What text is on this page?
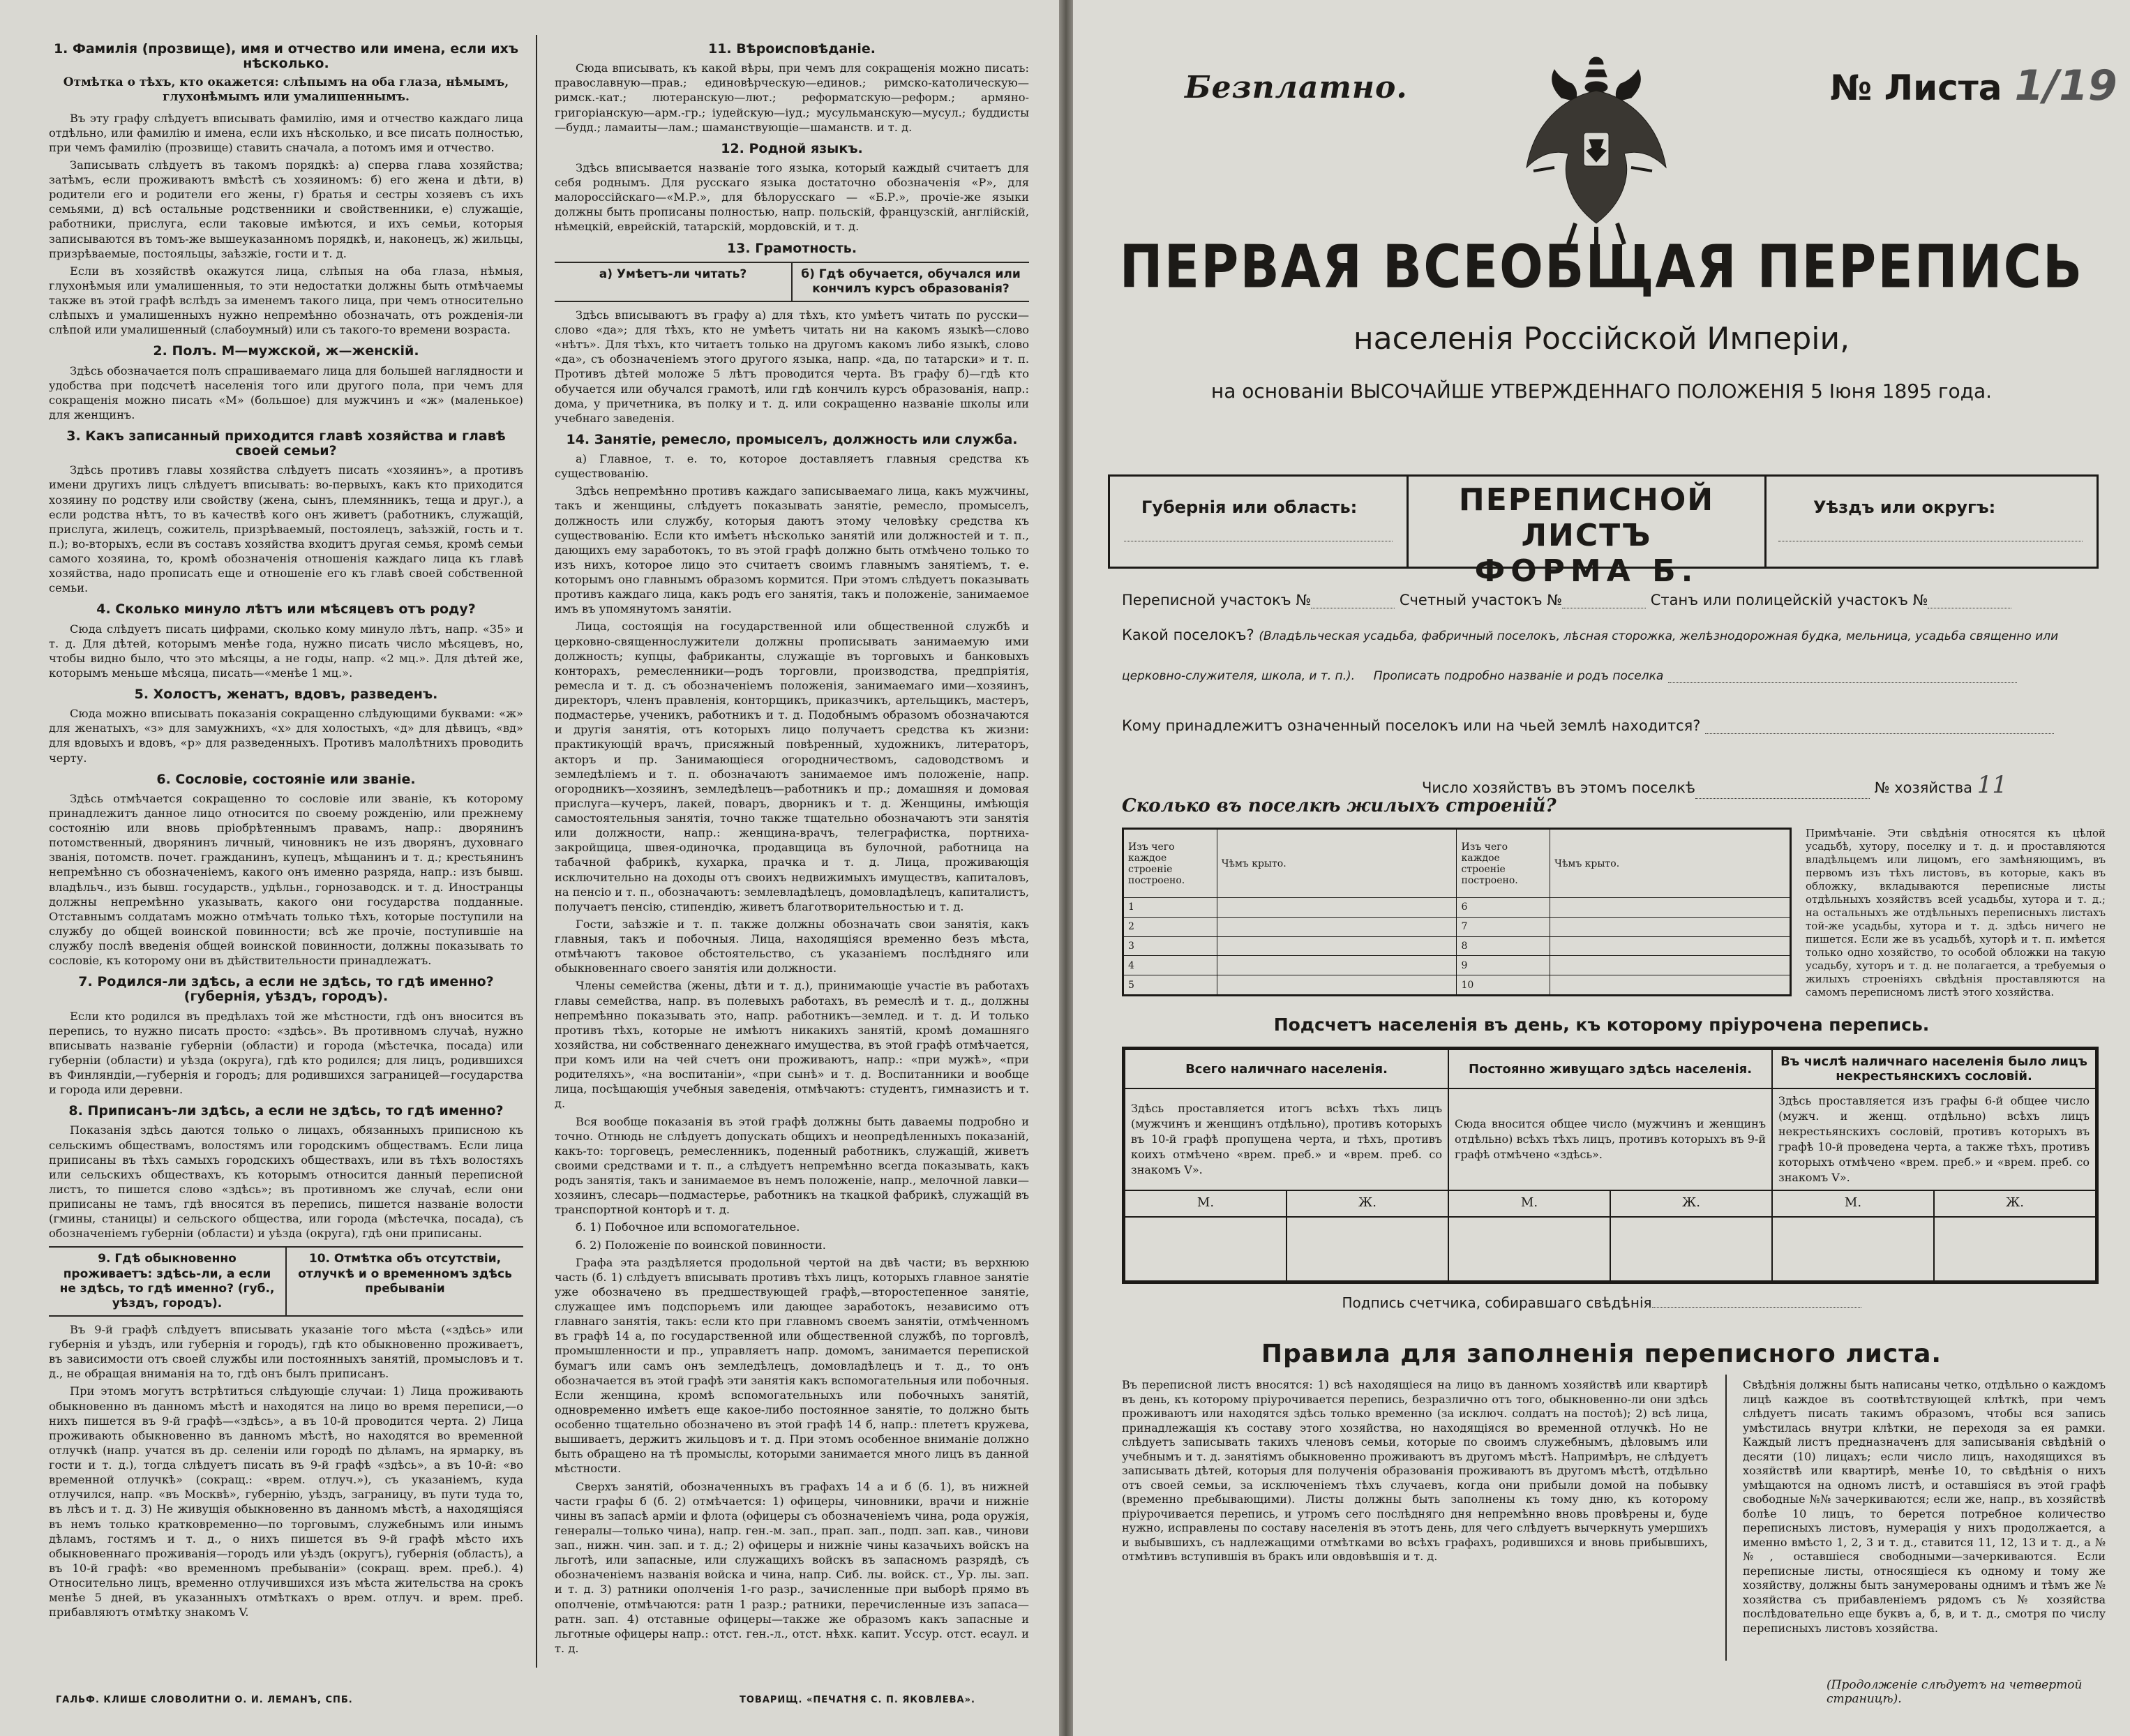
1. Фамилія (прозвище), имя и отчество или имена, если ихъ нѣсколько.
Отмѣтка о тѣхъ, кто окажется: слѣпымъ на оба глаза, нѣмымъ, глухонѣмымъ или умалишеннымъ.
Въ эту графу слѣдуетъ вписывать фамилію, имя и отчество каждаго лица отдѣльно, или фамилію и имена, если ихъ нѣсколько, и все писать полностью, при чемъ фамилію (прозвище) ставить сначала, а потомъ имя и отчество.
Записывать слѣдуетъ въ такомъ порядкѣ: а) сперва глава хозяйства; затѣмъ, если проживаютъ вмѣстѣ съ хозяиномъ: б) его жена и дѣти, в) родители его и родители его жены, г) братья и сестры хозяевъ съ ихъ семьями, д) всѣ остальные родственники и свойственники, е) служащіе, работники, прислуга, если таковые имѣются, и ихъ семьи, которыя записываются въ томъ-же вышеуказанномъ порядкѣ, и, наконецъ, ж) жильцы, призрѣваемые, постояльцы, заѣзжіе, гости и т. д.
Если въ хозяйствѣ окажутся лица, слѣпыя на оба глаза, нѣмыя, глухонѣмыя или умалишенныя, то эти недостатки должны быть отмѣчаемы также въ этой графѣ вслѣдъ за именемъ такого лица, при чемъ относительно слѣпыхъ и умалишенныхъ нужно непремѣнно обозначать, отъ рожденія-ли слѣпой или умалишенный (слабоумный) или съ такого-то времени возраста.
2. Полъ. М—мужской, ж—женскій.
Здѣсь обозначается полъ спрашиваемаго лица для большей наглядности и удобства при подсчетѣ населенія того или другого пола, при чемъ для сокращенія можно писать «М» (большое) для мужчинъ и «ж» (маленькое) для женщинъ.
3. Какъ записанный приходится главѣ хозяйства и главѣ своей семьи?
Здѣсь противъ главы хозяйства слѣдуетъ писать «хозяинъ», а противъ имени другихъ лицъ слѣдуетъ вписывать: во-первыхъ, какъ кто приходится хозяину по родству или свойству (жена, сынъ, племянникъ, теща и друг.), а если родства нѣтъ, то въ качествѣ кого онъ живетъ (работникъ, служащій, прислуга, жилецъ, сожитель, призрѣваемый, постоялецъ, заѣзжій, гость и т. п.); во-вторыхъ, если въ составъ хозяйства входитъ другая семья, кромѣ семьи самого хозяина, то, кромѣ обозначенія отношенія каждаго лица къ главѣ хозяйства, надо прописать еще и отношеніе его къ главѣ своей собственной семьи.
4. Сколько минуло лѣтъ или мѣсяцевъ отъ роду?
Сюда слѣдуетъ писать цифрами, сколько кому минуло лѣтъ, напр. «35» и т. д. Для дѣтей, которымъ менѣе года, нужно писать число мѣсяцевъ, но, чтобы видно было, что это мѣсяцы, а не годы, напр. «2 мц.». Для дѣтей же, которымъ меньше мѣсяца, писать—«менѣе 1 мц.».
5. Холостъ, женатъ, вдовъ, разведенъ.
Сюда можно вписывать показанія сокращенно слѣдующими буквами: «ж» для женатыхъ, «з» для замужнихъ, «х» для холостыхъ, «д» для дѣвицъ, «вд» для вдовыхъ и вдовъ, «р» для разведенныхъ. Противъ малолѣтнихъ проводить черту.
6. Сословіе, состояніе или званіе.
Здѣсь отмѣчается сокращенно то сословіе или званіе, къ которому принадлежитъ данное лицо относится по своему рожденію, или прежнему состоянію или вновь пріобрѣтеннымъ правамъ, напр.: дворянинъ потомственный, дворянинъ личный, чиновникъ не изъ дворянъ, духовнаго званія, потомств. почет. гражданинъ, купецъ, мѣщанинъ и т. д.; крестьянинъ непремѣнно съ обозначеніемъ, какого онъ именно разряда, напр.: изъ бывш. владѣльч., изъ бывш. государств., удѣльн., горнозаводск. и т. д. Иностранцы должны непремѣнно указывать, какого они государства подданные. Отставнымъ солдатамъ можно отмѣчать только тѣхъ, которые поступили на службу до общей воинской повинности; всѣ же прочіе, поступившіе на службу послѣ введенія общей воинской повинности, должны показывать то сословіе, къ которому они въ дѣйствительности принадлежатъ.
7. Родился-ли здѣсь, а если не здѣсь, то гдѣ именно? (губернія, уѣздъ, городъ).
Если кто родился въ предѣлахъ той же мѣстности, гдѣ онъ вносится въ перепись, то нужно писать просто: «здѣсь». Въ противномъ случаѣ, нужно вписывать названіе губерніи (области) и города (мѣстечка, посада) или губерніи (области) и уѣзда (округа), гдѣ кто родился; для лицъ, родившихся въ Финляндіи,—губернія и городъ; для родившихся заграницей—государства и города или деревни.
8. Приписанъ-ли здѣсь, а если не здѣсь, то гдѣ именно?
Показанія здѣсь даются только о лицахъ, обязанныхъ приписною къ сельскимъ обществамъ, волостямъ или городскимъ обществамъ. Если лица приписаны въ тѣхъ самыхъ городскихъ обществахъ, или въ тѣхъ волостяхъ или сельскихъ обществахъ, къ которымъ относится данный переписной листъ, то пишется слово «здѣсь»; въ противномъ же случаѣ, если они приписаны не тамъ, гдѣ вносятся въ перепись, пишется названіе волости (гмины, станицы) и сельского общества, или города (мѣстечка, посада), съ обозначеніемъ губерніи (области) и уѣзда (округа), гдѣ они приписаны.
9. Гдѣ обыкновенно проживаетъ: здѣсь-ли, а если не здѣсь, то гдѣ именно? (губ., уѣздъ, городъ).
10. Отмѣтка объ отсутствіи, отлучкѣ и о временномъ здѣсь пребываніи
Въ 9-й графѣ слѣдуетъ вписывать указаніе того мѣста («здѣсь» или губернія и уѣздъ, или губернія и городъ), гдѣ кто обыкновенно проживаетъ, въ зависимости отъ своей службы или постоянныхъ занятій, промысловъ и т. д., не обращая вниманія на то, гдѣ онъ былъ приписанъ.
При этомъ могутъ встрѣтиться слѣдующіе случаи: 1) Лица проживають обыкновенно въ данномъ мѣстѣ и находятся на лицо во время переписи,—о нихъ пишется въ 9-й графѣ—«здѣсь», а въ 10-й проводится черта. 2) Лица проживають обыкновенно въ данномъ мѣстѣ, но находятся во временной отлучкѣ (напр. учатся въ др. селеніи или городѣ по дѣламъ, на ярмарку, въ гости и т. д.), тогда слѣдуетъ писать въ 9-й графѣ «здѣсь», а въ 10-й: «во временной отлучкѣ» (сокращ.: «врем. отлуч.»), съ указаніемъ, куда отлучился, напр. «въ Москвѣ», губернію, уѣздъ, заграницу, въ пути туда то, въ лѣсъ и т. д. 3) Не живущія обыкновенно въ данномъ мѣстѣ, а находящіяся въ немъ только кратковременно—по торговымъ, служебнымъ или инымъ дѣламъ, гостямъ и т. д., о нихъ пишется въ 9-й графѣ мѣсто ихъ обыкновеннаго проживанія—городъ или уѣздъ (округъ), губернія (область), а въ 10-й графѣ: «во временномъ пребываніи» (сокращ. врем. преб.). 4) Относительно лицъ, временно отлучившихся изъ мѣста жительства на срокъ менѣе 5 дней, въ указанныхъ отмѣткахъ о врем. отлуч. и врем. преб. прибавляютъ отмѣтку знакомъ V.
11. Вѣроисповѣданіе.
Сюда вписывать, къ какой вѣры, при чемъ для сокращенія можно писать: православную—прав.; единовѣрческую—единов.; римско-католическую—римск.-кат.; лютеранскую—лют.; реформатскую—реформ.; армяно-григоріанскую—арм.-гр.; іудейскую—іуд.; мусульманскую—мусул.; буддисты—будд.; ламаиты—лам.; шаманствующіе—шаманств. и т. д.
12. Родной языкъ.
Здѣсь вписывается названіе того языка, который каждый считаетъ для себя роднымъ. Для русскаго языка достаточно обозначенія «Р», для малороссійскаго—«М.Р.», для бѣлорусскаго — «Б.Р.», прочіе-же языки должны быть прописаны полностью, напр. польскій, французскій, англійскій, нѣмецкій, еврейскій, татарскій, мордовскій, и т. д.
13. Грамотность.
а) Умѣетъ-ли читать?	б) Гдѣ обучается, обучался или кончилъ курсъ образованія?
Здѣсь вписываютъ въ графу а) для тѣхъ, кто умѣетъ читать по русски—слово «да»; для тѣхъ, кто не умѣетъ читать ни на какомъ языкѣ—слово «нѣтъ». Для тѣхъ, кто читаетъ только на другомъ какомъ либо языкѣ, слово «да», съ обозначеніемъ этого другого языка, напр. «да, по татарски» и т. п. Противъ дѣтей моложе 5 лѣтъ проводится черта. Въ графу б)—гдѣ кто обучается или обучался грамотѣ, или гдѣ кончилъ курсъ образованія, напр.: дома, у причетника, въ полку и т. д. или сокращенно названіе школы или учебнаго заведенія.
14. Занятіе, ремесло, промыселъ, должность или служба.
а) Главное, т. е. то, которое доставляетъ главныя средства къ существованію.
Здѣсь непремѣнно противъ каждаго записываемаго лица, какъ мужчины, такъ и женщины, слѣдуетъ показывать занятіе, ремесло, промыселъ, должность или службу, которыя даютъ этому человѣку средства къ существованію. Если кто имѣетъ нѣсколько занятій или должностей и т. п., дающихъ ему заработокъ, то въ этой графѣ должно быть отмѣчено только то изъ нихъ, которое лицо это считаетъ своимъ главнымъ занятіемъ, т. е. которымъ оно главнымъ образомъ кормится. При этомъ слѣдуетъ показывать противъ каждаго лица, какъ родъ его занятія, такъ и положеніе, занимаемое имъ въ упомянутомъ занятіи.
Лица, состоящія на государственной или общественной службѣ и церковно-священнослужители должны прописывать занимаемую ими должность; купцы, фабриканты, служащіе въ торговыхъ и банковыхъ конторахъ, ремесленники—родъ торговли, производства, предпріятія, ремесла и т. д. съ обозначеніемъ положенія, занимаемаго ими—хозяинъ, директоръ, членъ правленія, конторщикъ, приказчикъ, артельщикъ, мастеръ, подмастерье, ученикъ, работникъ и т. д. Подобнымъ образомъ обозначаются и другія занятія, отъ которыхъ лицо получаетъ средства къ жизни: практикующій врачъ, присяжный повѣренный, художникъ, литераторъ, акторъ и пр. Занимающіеся огородничествомъ, садоводствомъ и земледѣліемъ и т. п. обозначаютъ занимаемое имъ положеніе, напр. огородникъ—хозяинъ, земледѣлецъ—работникъ и пр.; домашняя и домовая прислуга—кучеръ, лакей, поваръ, дворникъ и т. д. Женщины, имѣющія самостоятельныя занятія, точно также тщательно обозначаютъ эти занятія или должности, напр.: женщина-врачъ, телеграфистка, портниха-закройщица, швея-одиночка, продавщица въ булочной, работница на табачной фабрикѣ, кухарка, прачка и т. д. Лица, проживающія исключительно на доходы отъ своихъ недвижимыхъ имуществъ, капиталовъ, на пенсіо и т. п., обозначаютъ: землевладѣлецъ, домовладѣлецъ, капиталистъ, получаетъ пенсію, стипендію, живетъ благотворительностью и т. д.
Гости, заѣзжіе и т. п. также должны обозначать свои занятія, какъ главныя, такъ и побочныя. Лица, находящіяся временно безъ мѣста, отмѣчаютъ таковое обстоятельство, съ указаніемъ послѣдняго или обыкновеннаго своего занятія или должности.
Члены семейства (жены, дѣти и т. д.), принимающіе участіе въ работахъ главы семейства, напр. въ полевыхъ работахъ, въ ремеслѣ и т. д., должны непремѣнно показывать это, напр. работникъ—землед. и т. д. И только противъ тѣхъ, которые не имѣютъ никакихъ занятій, кромѣ домашняго хозяйства, ни собственнаго денежнаго имущества, въ этой графѣ отмѣчается, при комъ или на чей счетъ они проживаютъ, напр.: «при мужѣ», «при родителяхъ», «на воспитаніи», «при сынѣ» и т. д. Воспитанники и вообще лица, посѣщающія учебныя заведенія, отмѣчаютъ: студентъ, гимназистъ и т. д.
Вся вообще показанія въ этой графѣ должны быть даваемы подробно и точно. Отнюдь не слѣдуетъ допускать общихъ и неопредѣленныхъ показаній, какъ-то: торговецъ, ремесленникъ, поденный работникъ, служащій, живетъ своими средствами и т. п., а слѣдуетъ непремѣнно всегда показывать, какъ родъ занятія, такъ и занимаемое въ немъ положеніе, напр., мелочной лавки—хозяинъ, слесарь—подмастерье, работникъ на ткацкой фабрикѣ, служащій въ транспортной конторѣ и т. д.
б. 1) Побочное или вспомогательное.
б. 2) Положеніе по воинской повинности.
Графа эта раздѣляется продольной чертой на двѣ части; въ верхнюю часть (б. 1) слѣдуетъ вписывать противъ тѣхъ лицъ, которыхъ главное занятіе уже обозначено въ предшествующей графѣ,—второстепенное занятіе, служащее имъ подспорьемъ или дающее заработокъ, независимо отъ главнаго занятія, такъ: если кто при главномъ своемъ занятіи, отмѣченномъ въ графѣ 14 а, по государственной или общественной службѣ, по торговлѣ, промышленности и пр., управляетъ напр. домомъ, занимается перепиской бумагъ или самъ онъ земледѣлецъ, домовладѣлецъ и т. д., то онъ обозначается въ этой графѣ эти занятія какъ вспомогательныя или побочныя. Если женщина, кромѣ вспомогательныхъ или побочныхъ занятій, одновременно имѣетъ еще какое-либо постоянное занятіе, то должно быть особенно тщательно обозначено въ этой графѣ 14 б, напр.: плететъ кружева, вышиваетъ, держитъ жильцовъ и т. д. При этомъ особенное вниманіе должно быть обращено на тѣ промыслы, которыми занимается много лицъ въ данной мѣстности.
Сверхъ занятій, обозначенныхъ въ графахъ 14 а и б (б. 1), въ нижней части графы б (б. 2) отмѣчается: 1) офицеры, чиновники, врачи и нижніе чины въ запасѣ арміи и флота (офицеры съ обозначеніемъ чина, рода оружія, генералы—только чина), напр. ген.-м. зап., прап. зап., подп. зап. кав., чинови зап., нижн. чин. зап. и т. д.; 2) офицеры и нижніе чины казачьихъ войскъ на льготѣ, или запасные, или служащихъ войскъ въ запасномъ разрядѣ, съ обозначеніемъ названія войска и чина, напр. Сиб. лы. войск. ст., Ур. лы. зап. и т. д. 3) ратники ополченія 1-го разр., зачисленные при выборѣ прямо въ ополченіе, отмѣчаются: ратн 1 разр.; ратники, перечисленные изъ запаса—ратн. зап. 4) отставные офицеры—также же образомъ какъ запасные и льготные офицеры напр.: отст. ген.-л., отст. нѣхк. капит. Уссур. отст. есаул. и т. д.
ГАЛЬФ. КЛИШЕ СЛОВОЛИТНИ О. И. ЛЕМАНЪ, СПБ.	ТОВАРИЩ. «ПЕЧАТНЯ С. П. ЯКОВЛЕВА».
Безплатно.	№ Листа 1/19
ПЕРВАЯ ВСЕОБЩАЯ ПЕРЕПИСЬ
населенія Россійской Имперіи,
на основаніи ВЫСОЧАЙШЕ УТВЕРЖДЕННАГО ПОЛОЖЕНІЯ 5 Іюня 1895 года.
Губернія или область:	ПЕРЕПИСНОЙ ЛИСТЪ
ФОРМА Б.
Уѣздъ или округъ:
Переписной участокъ №	Счетный участокъ №	Станъ или полицейскій участокъ №
Какой поселокъ? (Владѣльческая усадьба, фабричный поселокъ, лѣсная сторожка, желѣзнодорожная будка, мельница, усадьба священно или
церковно-служителя, школа, и т. п.). Прописать подробно названіе и родъ поселка
Кому принадлежитъ означенный поселокъ или на чьей землѣ находится?
Число хозяйствъ въ этомъ поселкѣ	№ хозяйства 11
Сколько въ поселкѣ жилыхъ строеній?
Изъ чего каждое строеніе построено.	Чѣмъ крыто.	Изъ чего каждое строеніе построено.	Чѣмъ крыто.
1		6	
2		7	
3		8	
4		9	
5		10	
Примѣчаніе. Эти свѣдѣнія относятся къ цѣлой усадьбѣ, хутору, поселку и т. д. и проставляются владѣльцемъ или лицомъ, его замѣняющимъ, въ первомъ изъ тѣхъ листовъ, въ которые, какъ въ обложку, вкладываются переписные листы отдѣльныхъ хозяйствъ всей усадьбы, хутора и т. д.; на остальныхъ же отдѣльныхъ переписныхъ листахъ той-же усадьбы, хутора и т. д. здѣсь ничего не пишется. Если же въ усадьбѣ, хуторѣ и т. п. имѣется только одно хозяйство, то особой обложки на такую усадьбу, хуторъ и т. д. не полагается, а требуемыя о жилыхъ строеніяхъ свѣдѣнія проставляются на самомъ переписномъ листѣ этого хозяйства.
Подсчетъ населенія въ день, къ которому пріурочена перепись.
Всего наличнаго населенія.		Постоянно живущаго здѣсь населенія.		Въ числѣ наличнаго населенія было лицъ некрестьянскихъ сословій.	
Здѣсь проставляется итогъ всѣхъ тѣхъ лицъ (мужчинъ и женщинъ отдѣльно), противъ которыхъ въ 10-й графѣ пропущена черта, и тѣхъ, противъ коихъ отмѣчено «врем. преб.» и «врем. преб. со знакомъ V».		Сюда вносится общее число (мужчинъ и женщинъ отдѣльно) всѣхъ тѣхъ лицъ, противъ которыхъ въ 9-й графѣ отмѣчено «здѣсь».		Здѣсь проставляется изъ графы 6-й общее число (мужч. и женщ. отдѣльно) всѣхъ лицъ некрестьянскихъ сословій, противъ которыхъ въ графѣ 10-й проведена черта, а также тѣхъ, противъ которыхъ отмѣчено «врем. преб.» и «врем. преб. со знакомъ V».	
М.	Ж.	М.	Ж.	М.	Ж.

Подпись счетчика, собиравшаго свѣдѣнія
Правила для заполненія переписного листа.
Въ переписной листъ вносятся: 1) всѣ находящіеся на лицо въ данномъ хозяйствѣ или квартирѣ въ день, къ которому пріурочивается перепись, безразлично отъ того, обыкновенно-ли они здѣсь проживаютъ или находятся здѣсь только временно (за исключ. солдатъ на постоѣ); 2) всѣ лица, принадлежащія къ составу этого хозяйства, но находящіяся во временной отлучкѣ. Но не слѣдуетъ записывать такихъ членовъ семьи, которые по своимъ служебнымъ, дѣловымъ или учебнымъ и т. д. занятіямъ обыкновенно проживаютъ въ другомъ мѣстѣ. Напримѣръ, не слѣдуетъ записывать дѣтей, которыя для полученія образованія проживаютъ въ другомъ мѣстѣ, отдѣльно отъ своей семьи, за исключеніемъ тѣхъ случаевъ, когда они прибыли домой на побывку (временно пребывающими). Листы должны быть заполнены къ тому дню, къ которому пріурочивается перепись, и утромъ сего послѣдняго дня непремѣнно вновь провѣрены и, буде нужно, исправлены по составу населенія въ этотъ день, для чего слѣдуетъ вычеркнуть умершихъ и выбывшихъ, съ надлежащими отмѣтками во всѣхъ графахъ, родившихся и вновь прибывшихъ, отмѣтивъ вступившія въ бракъ или овдовѣвшія и т. д.
Свѣдѣнія должны быть написаны четко, отдѣльно о каждомъ лицѣ каждое въ соотвѣтствующей клѣткѣ, при чемъ слѣдуетъ писать такимъ образомъ, чтобы вся запись умѣстилась внутри клѣтки, не переходя за ея рамки. Каждый листъ предназначенъ для записыванія свѣдѣній о десяти (10) лицахъ; если число лицъ, находящихся въ хозяйствѣ или квартирѣ, менѣе 10, то свѣдѣнія о нихъ умѣщаются на одномъ листѣ, и оставшіяся въ этой графѣ свободные №№ зачеркиваются; если же, напр., въ хозяйствѣ болѣе 10 лицъ, то берется потребное количество переписныхъ листовъ, нумерація у нихъ продолжается, а именно вмѣсто 1, 2, 3 и т. д., ставится 11, 12, 13 и т. д., а №№, оставшіеся свободными—зачеркиваются. Если переписные листы, относящіеся къ одному и тому же хозяйству, должны быть занумерованы однимъ и тѣмъ же № хозяйства съ прибавленіемъ рядомъ съ № хозяйства послѣдовательно еще буквъ а, б, в, и т. д., смотря по числу переписныхъ листовъ хозяйства.
(Продолженіе слѣдуетъ на четвертой страницѣ).
